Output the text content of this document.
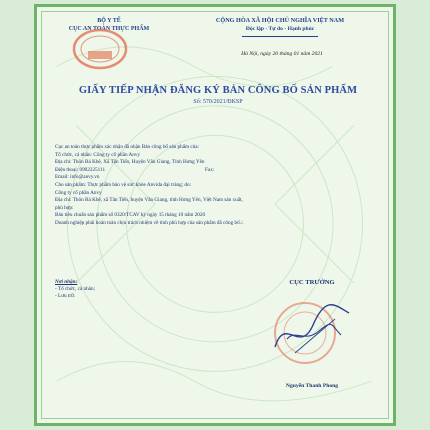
BỘ Y TẾ
CỤC AN TOÀN THỰC PHẨM
CỘNG HÒA XÃ HỘI CHỦ NGHĨA VIỆT NAM
Độc lập - Tự do - Hạnh phúc
Hà Nội, ngày 20 tháng 01 năm 2021
GIẤY TIẾP NHẬN ĐĂNG KÝ BẢN CÔNG BỐ SẢN PHẨM
Số: 570/2021/ĐKSP
Cục an toàn thực phẩm xác nhận đã nhận Bản công bố sản phẩm của:
Tổ chức, cá nhân: Công ty cổ phần Anvy
Địa chỉ: Thôn Bá Khê, Xã Tân Tiến, Huyện Văn Giang, Tỉnh Hưng Yên
Điện thoại: 0902225111	Fax:
Email: info@anvy.vn
Cho sản phẩm: Thực phẩm bảo vệ sức khỏe Anvida đại tràng; do:
Công ty cổ phần Anvy
Địa chỉ: Thôn Bá Khê, xã Tân Tiến, huyện Văn Giang, tỉnh Hưng Yên, Việt Nam sản xuất,
phù hợp:
Bản tiêu chuẩn sản phẩm số 0320/TCAV ký ngày 15 tháng 10 năm 2020
Doanh nghiệp phải hoàn toàn chịu trách nhiệm về tính phù hợp của sản phẩm đã công bố./.
Nơi nhận:
- Tổ chức, cá nhân;
- Lưu trữ.
CỤC TRƯỞNG
Nguyễn Thanh Phong
